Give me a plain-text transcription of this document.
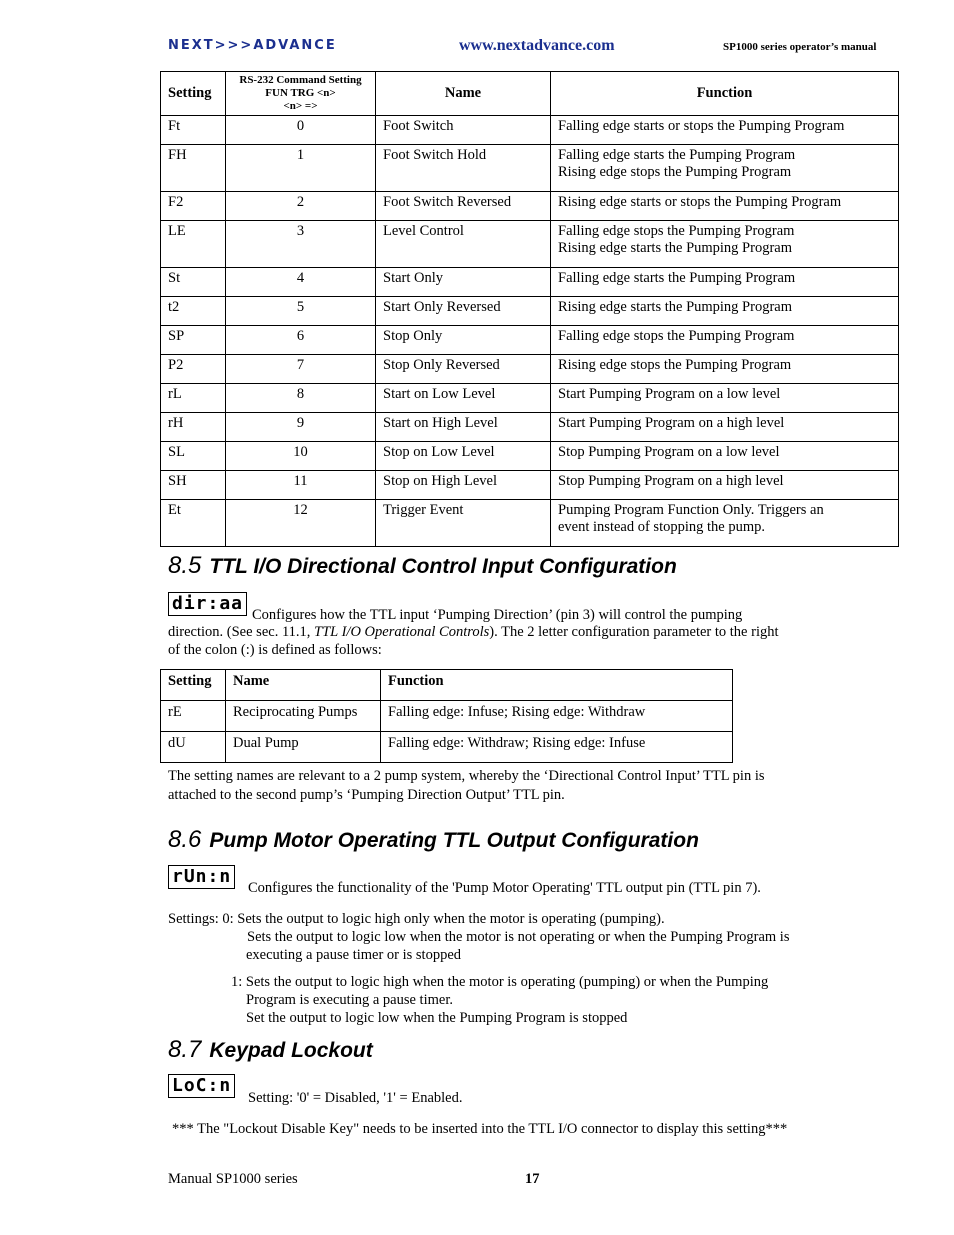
NEXT>>>ADVANCE	www.nextadvance.com	SP1000 series operator’s manual
Setting	RS-232 Command Setting
FUN TRG <n>
<n> =>	Name	Function
Ft	0	Foot Switch	Falling edge starts or stops the Pumping Program

FH	1	Foot Switch Hold	Falling edge starts the Pumping Program
Rising edge stops the Pumping Program

F2	2	Foot Switch Reversed	Rising edge starts or stops the Pumping Program

LE	3	Level Control	Falling edge stops the Pumping Program
Rising edge starts the Pumping Program

St	4	Start Only	Falling edge starts the Pumping Program

t2	5	Start Only Reversed	Rising edge starts the Pumping Program

SP	6	Stop Only	Falling edge stops the Pumping Program

P2	7	Stop Only Reversed	Rising edge stops the Pumping Program

rL	8	Start on Low Level	Start Pumping Program on a low level

rH	9	Start on High Level	Start Pumping Program on a high level

SL	10	Stop on Low Level	Stop Pumping Program on a low level

SH	11	Stop on High Level	Stop Pumping Program on a high level

Et	12	Trigger Event	Pumping Program Function Only. Triggers an
event instead of stopping the pump.
8.5 TTL I/O Directional Control Input Configuration
dir:aa
Configures how the TTL input ‘Pumping Direction’ (pin 3) will control the pumping
direction. (See sec. 11.1, TTL I/O Operational Controls). The 2 letter configuration parameter to the right
of the colon (:) is defined as follows:
Setting	Name	Function
rE	Reciprocating Pumps	Falling edge: Infuse; Rising edge: Withdraw
dU	Dual Pump	Falling edge: Withdraw; Rising edge: Infuse
The setting names are relevant to a 2 pump system, whereby the ‘Directional Control Input’ TTL pin is
attached to the second pump’s ‘Pumping Direction Output’ TTL pin.
8.6 Pump Motor Operating TTL Output Configuration
rUn:n
Configures the functionality of the 'Pump Motor Operating' TTL output pin (TTL pin 7).
Settings: 0: Sets the output to logic high only when the motor is operating (pumping).
Sets the output to logic low when the motor is not operating or when the Pumping Program is
executing a pause timer or is stopped
1: Sets the output to logic high when the motor is operating (pumping) or when the Pumping
Program is executing a pause timer.
Set the output to logic low when the Pumping Program is stopped
8.7 Keypad Lockout
LoC:n
Setting: '0' = Disabled, '1' = Enabled.
*** The "Lockout Disable Key" needs to be inserted into the TTL I/O connector to display this setting***
Manual SP1000 series	17
